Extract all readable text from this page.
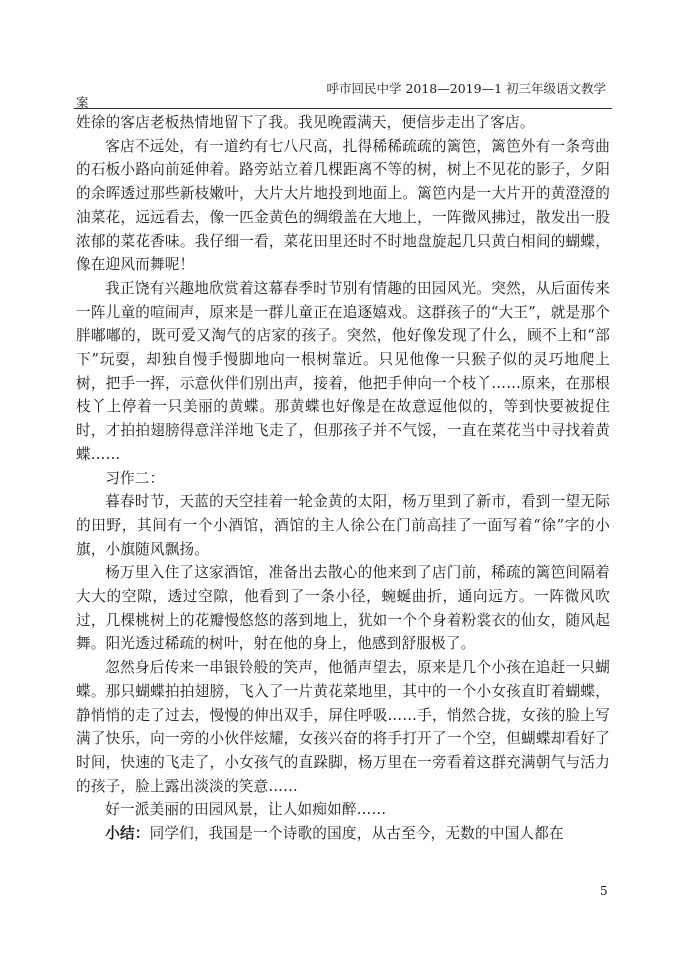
呼市回民中学 2018—2019—1 初三年级语文教学
案

姓徐的客店老板热情地留下了我。我见晚霞满天，便信步走出了客店。

客店不远处，有一道约有七八尺高，扎得稀稀疏疏的篱笆，篱笆外有一条弯曲的石板小路向前延伸着。路旁站立着几棵距离不等的树，树上不见花的影子，夕阳的余晖透过那些新枝嫩叶，大片大片地投到地面上。篱笆内是一大片开的黄澄澄的油菜花，远远看去，像一匹金黄色的绸缎盖在大地上，一阵微风拂过，散发出一股浓郁的菜花香味。我仔细一看，菜花田里还时不时地盘旋起几只黄白相间的蝴蝶，像在迎风而舞呢！

我正饶有兴趣地欣赏着这幕春季时节别有情趣的田园风光。突然，从后面传来一阵儿童的喧闹声，原来是一群儿童正在追逐嬉戏。这群孩子的“大王”，就是那个胖嘟嘟的，既可爱又淘气的店家的孩子。突然，他好像发现了什么，顾不上和“部下”玩耍，却独自慢手慢脚地向一根树靠近。只见他像一只猴子似的灵巧地爬上树，把手一挥，示意伙伴们别出声，接着，他把手伸向一个枝丫……原来，在那根枝丫上停着一只美丽的黄蝶。那黄蝶也好像是在故意逗他似的，等到快要被捉住时，才拍拍翅膀得意洋洋地飞走了，但那孩子并不气馁，一直在菜花当中寻找着黄蝶……

习作二：

暮春时节，天蓝的天空挂着一轮金黄的太阳，杨万里到了新市，看到一望无际的田野，其间有一个小酒馆，酒馆的主人徐公在门前高挂了一面写着“徐”字的小旗，小旗随风飘扬。

杨万里入住了这家酒馆，准备出去散心的他来到了店门前，稀疏的篱笆间隔着大大的空隙，透过空隙，他看到了一条小径，蜿蜒曲折，通向远方。一阵微风吹过，几棵桃树上的花瓣慢悠悠的落到地上，犹如一个个身着粉裳衣的仙女，随风起舞。阳光透过稀疏的树叶，射在他的身上，他感到舒服极了。

忽然身后传来一串银铃般的笑声，他循声望去，原来是几个小孩在追赶一只蝴蝶。那只蝴蝶拍拍翅膀，飞入了一片黄花菜地里，其中的一个小女孩直盯着蝴蝶，静悄悄的走了过去，慢慢的伸出双手，屏住呼吸……手，悄然合拢，女孩的脸上写满了快乐，向一旁的小伙伴炫耀，女孩兴奋的将手打开了一个空，但蝴蝶却看好了时间，快速的飞走了，小女孩气的直跺脚，杨万里在一旁看着这群充满朝气与活力的孩子，脸上露出淡淡的笑意……

好一派美丽的田园风景，让人如痴如醉……

小结：同学们，我国是一个诗歌的国度，从古至今，无数的中国人都在

5
